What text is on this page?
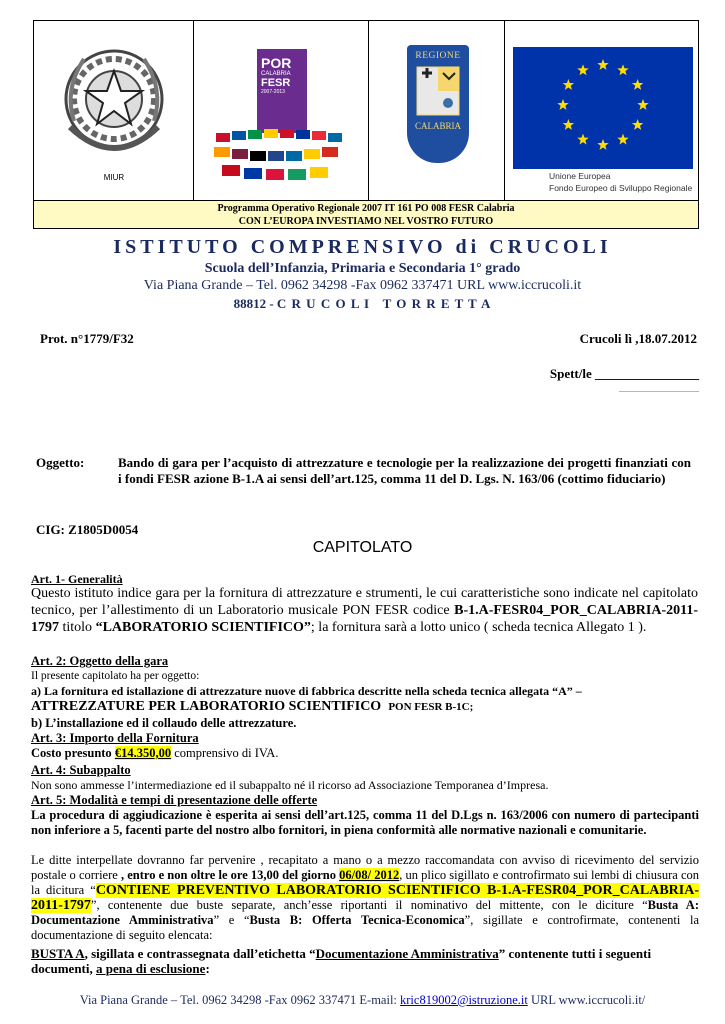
MIUR
POR
CALABRIA
FESR
2007-2013
REGIONE
CALABRIA
Unione Europea
Fondo Europeo di Sviluppo Regionale
Programma Operativo Regionale 2007 IT 161 PO 008 FESR Calabria
CON L’EUROPA INVESTIAMO NEL VOSTRO FUTURO
ISTITUTO COMPRENSIVO di CRUCOLI
Scuola dell’Infanzia, Primaria e Secondaria 1° grado
Via Piana Grande – Tel. 0962 34298 -Fax 0962 337471 URL www.iccrucoli.it
88812 - C R U C O L I   T O R R E T T A
Prot. n°1779/F32	Crucoli lì ,18.07.2012
Spett/le ________________
________________
Oggetto:	Bando di gara per l’acquisto di attrezzature e tecnologie per la realizzazione dei progetti finanziati con i fondi FESR azione B-1.A ai sensi dell’art.125, comma 11 del D. Lgs. N. 163/06 (cottimo fiduciario)
CIG: Z1805D0054
CAPITOLATO
Art. 1- Generalità
Questo istituto indice gara per la fornitura di attrezzature e strumenti, le cui caratteristiche sono indicate nel capitolato tecnico, per l’allestimento di un Laboratorio musicale PON FESR codice B-1.A-FESR04_POR_CALABRIA-2011-1797 titolo “LABORATORIO SCIENTIFICO”; la fornitura sarà a lotto unico ( scheda tecnica Allegato 1 ).
Art. 2: Oggetto della gara
Il presente capitolato ha per oggetto:
a) La fornitura ed istallazione di attrezzature nuove di fabbrica descritte nella scheda tecnica allegata “A” –
ATTREZZATURE PER LABORATORIO SCIENTIFICO PON FESR B-1C;
b) L’installazione ed il collaudo delle attrezzature.
Art. 3: Importo della Fornitura
Costo presunto €14.350,00 comprensivo di IVA.
Art. 4: Subappalto
Non sono ammesse l’intermediazione ed il subappalto né il ricorso ad Associazione Temporanea d’Impresa.
Art. 5: Modalità e tempi di presentazione delle offerte
La procedura di aggiudicazione è esperita ai sensi dell’art.125, comma 11 del D.Lgs n. 163/2006 con numero di partecipanti non inferiore a 5, facenti parte del nostro albo fornitori, in piena conformità alle normative nazionali e comunitarie.
Le ditte interpellate dovranno far pervenire , recapitato a mano o a mezzo raccomandata con avviso di ricevimento del servizio postale o corriere , entro e non oltre le ore 13,00 del giorno 06/08/ 2012, un plico sigillato e controfirmato sui lembi di chiusura con la dicitura “CONTIENE PREVENTIVO LABORATORIO SCIENTIFICO B-1.A-FESR04_POR_CALABRIA-2011-1797”, contenente due buste separate, anch’esse riportanti il nominativo del mittente, con le diciture “Busta A: Documentazione Amministrativa” e “Busta B: Offerta Tecnica-Economica”, sigillate e controfirmate, contenenti la documentazione di seguito elencata:
BUSTA A, sigillata e contrassegnata dall’etichetta “Documentazione Amministrativa” contenente tutti i seguenti documenti, a pena di esclusione:
Via Piana Grande – Tel. 0962 34298 -Fax 0962 337471 E-mail: kric819002@istruzione.it URL www.iccrucoli.it/
